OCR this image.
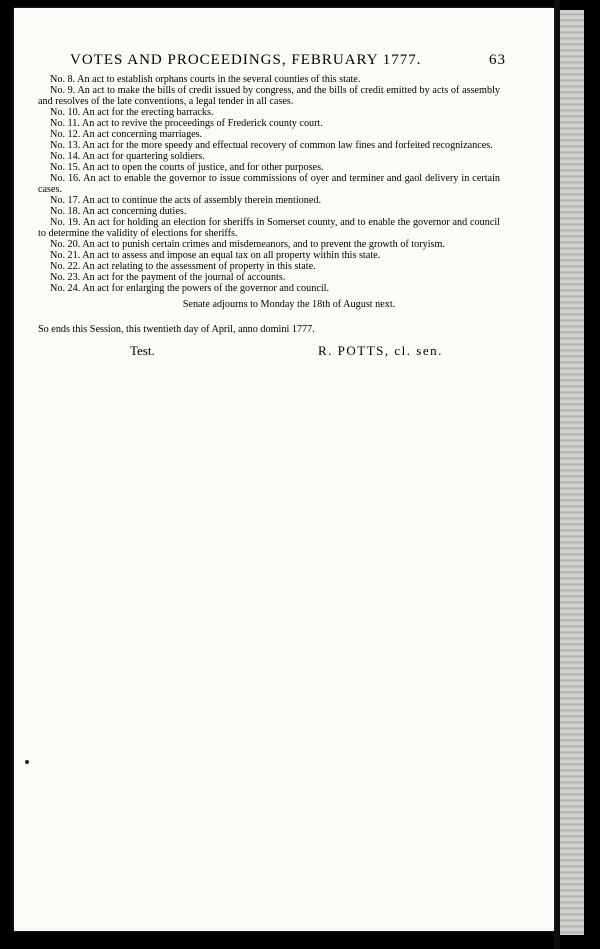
VOTES AND PROCEEDINGS, FEBRUARY 1777.	63

No. 8. An act to establish orphans courts in the several counties of this state.

No. 9. An act to make the bills of credit issued by congress, and the bills of credit emitted by acts of assembly and resolves of the late conventions, a legal tender in all cases.

No. 10. An act for the erecting barracks.

No. 11. An act to revive the proceedings of Frederick county court.

No. 12. An act concerning marriages.

No. 13. An act for the more speedy and effectual recovery of common law fines and forfeited recognizances.

No. 14. An act for quartering soldiers.

No. 15. An act to open the courts of justice, and for other purposes.

No. 16. An act to enable the governor to issue commissions of oyer and terminer and gaol delivery in certain cases.

No. 17. An act to continue the acts of assembly therein mentioned.

No. 18. An act concerning duties.

No. 19. An act for holding an election for sheriffs in Somerset county, and to enable the governor and council to determine the validity of elections for sheriffs.

No. 20. An act to punish certain crimes and misdemeanors, and to prevent the growth of toryism.

No. 21. An act to assess and impose an equal tax on all property within this state.

No. 22. An act relating to the assessment of property in this state.

No. 23. An act for the payment of the journal of accounts.

No. 24. An act for enlarging the powers of the governor and council.

Senate adjourns to Monday the 18th of August next.

So ends this Session, this twentieth day of April, anno domini 1777.

Test.	R. POTTS, cl. sen.
